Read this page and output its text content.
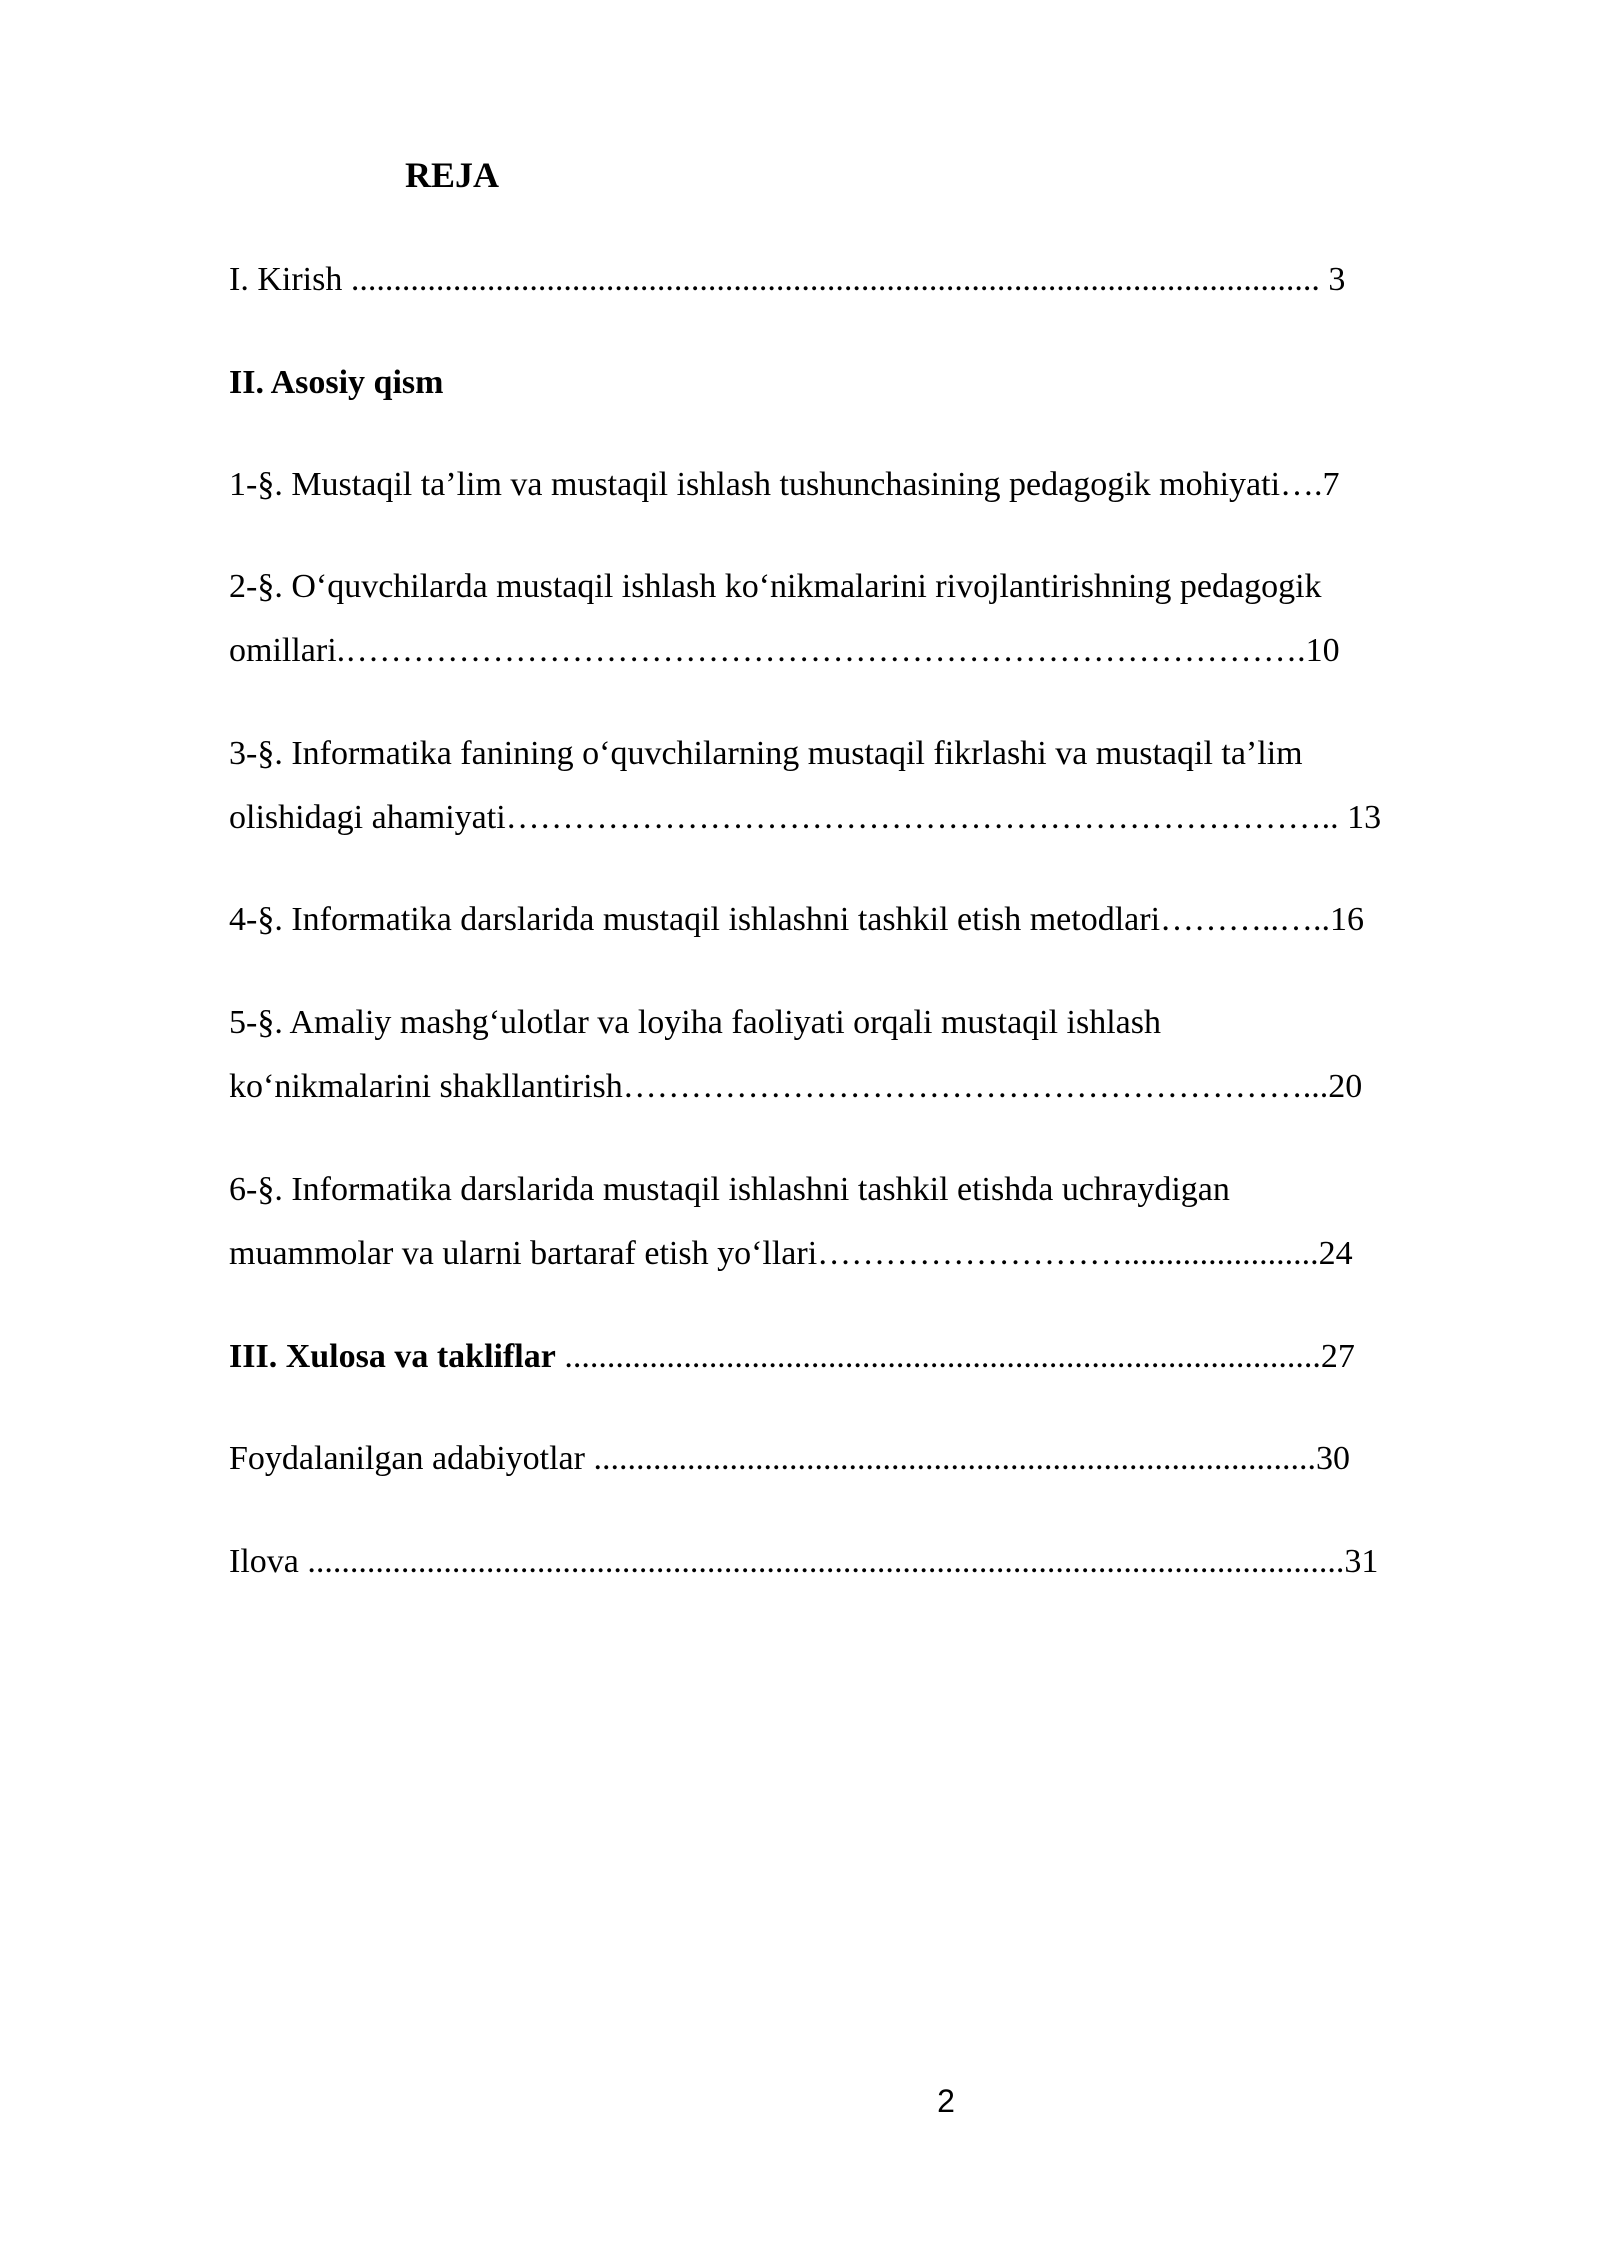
REJA
I. Kirish .................................................................................................................. 3
II. Asosiy qism
1-§. Mustaqil ta’lim va mustaqil ishlash tushunchasining pedagogik mohiyati….7
2-§. O‘quvchilarda mustaqil ishlash ko‘nikmalarini rivojlantirishning pedagogik
omillari.………………………………………………………………………….10
3-§. Informatika fanining o‘quvchilarning mustaqil fikrlashi va mustaqil ta’lim
olishidagi ahamiyati……………………………………………………………….. 13
4-§. Informatika darslarida mustaqil ishlashni tashkil etish metodlari………..…..16
5-§. Amaliy mashg‘ulotlar va loyiha faoliyati orqali mustaqil ishlash
ko‘nikmalarini shakllantirish……………………………………………………...20
6-§. Informatika darslarida mustaqil ishlashni tashkil etishda uchraydigan
muammolar va ularni bartaraf etish yo‘llari……………………….......................24
III. Xulosa va takliflar .........................................................................................27
Foydalanilgan adabiyotlar .....................................................................................30
Ilova ..........................................................................................................................31
2
